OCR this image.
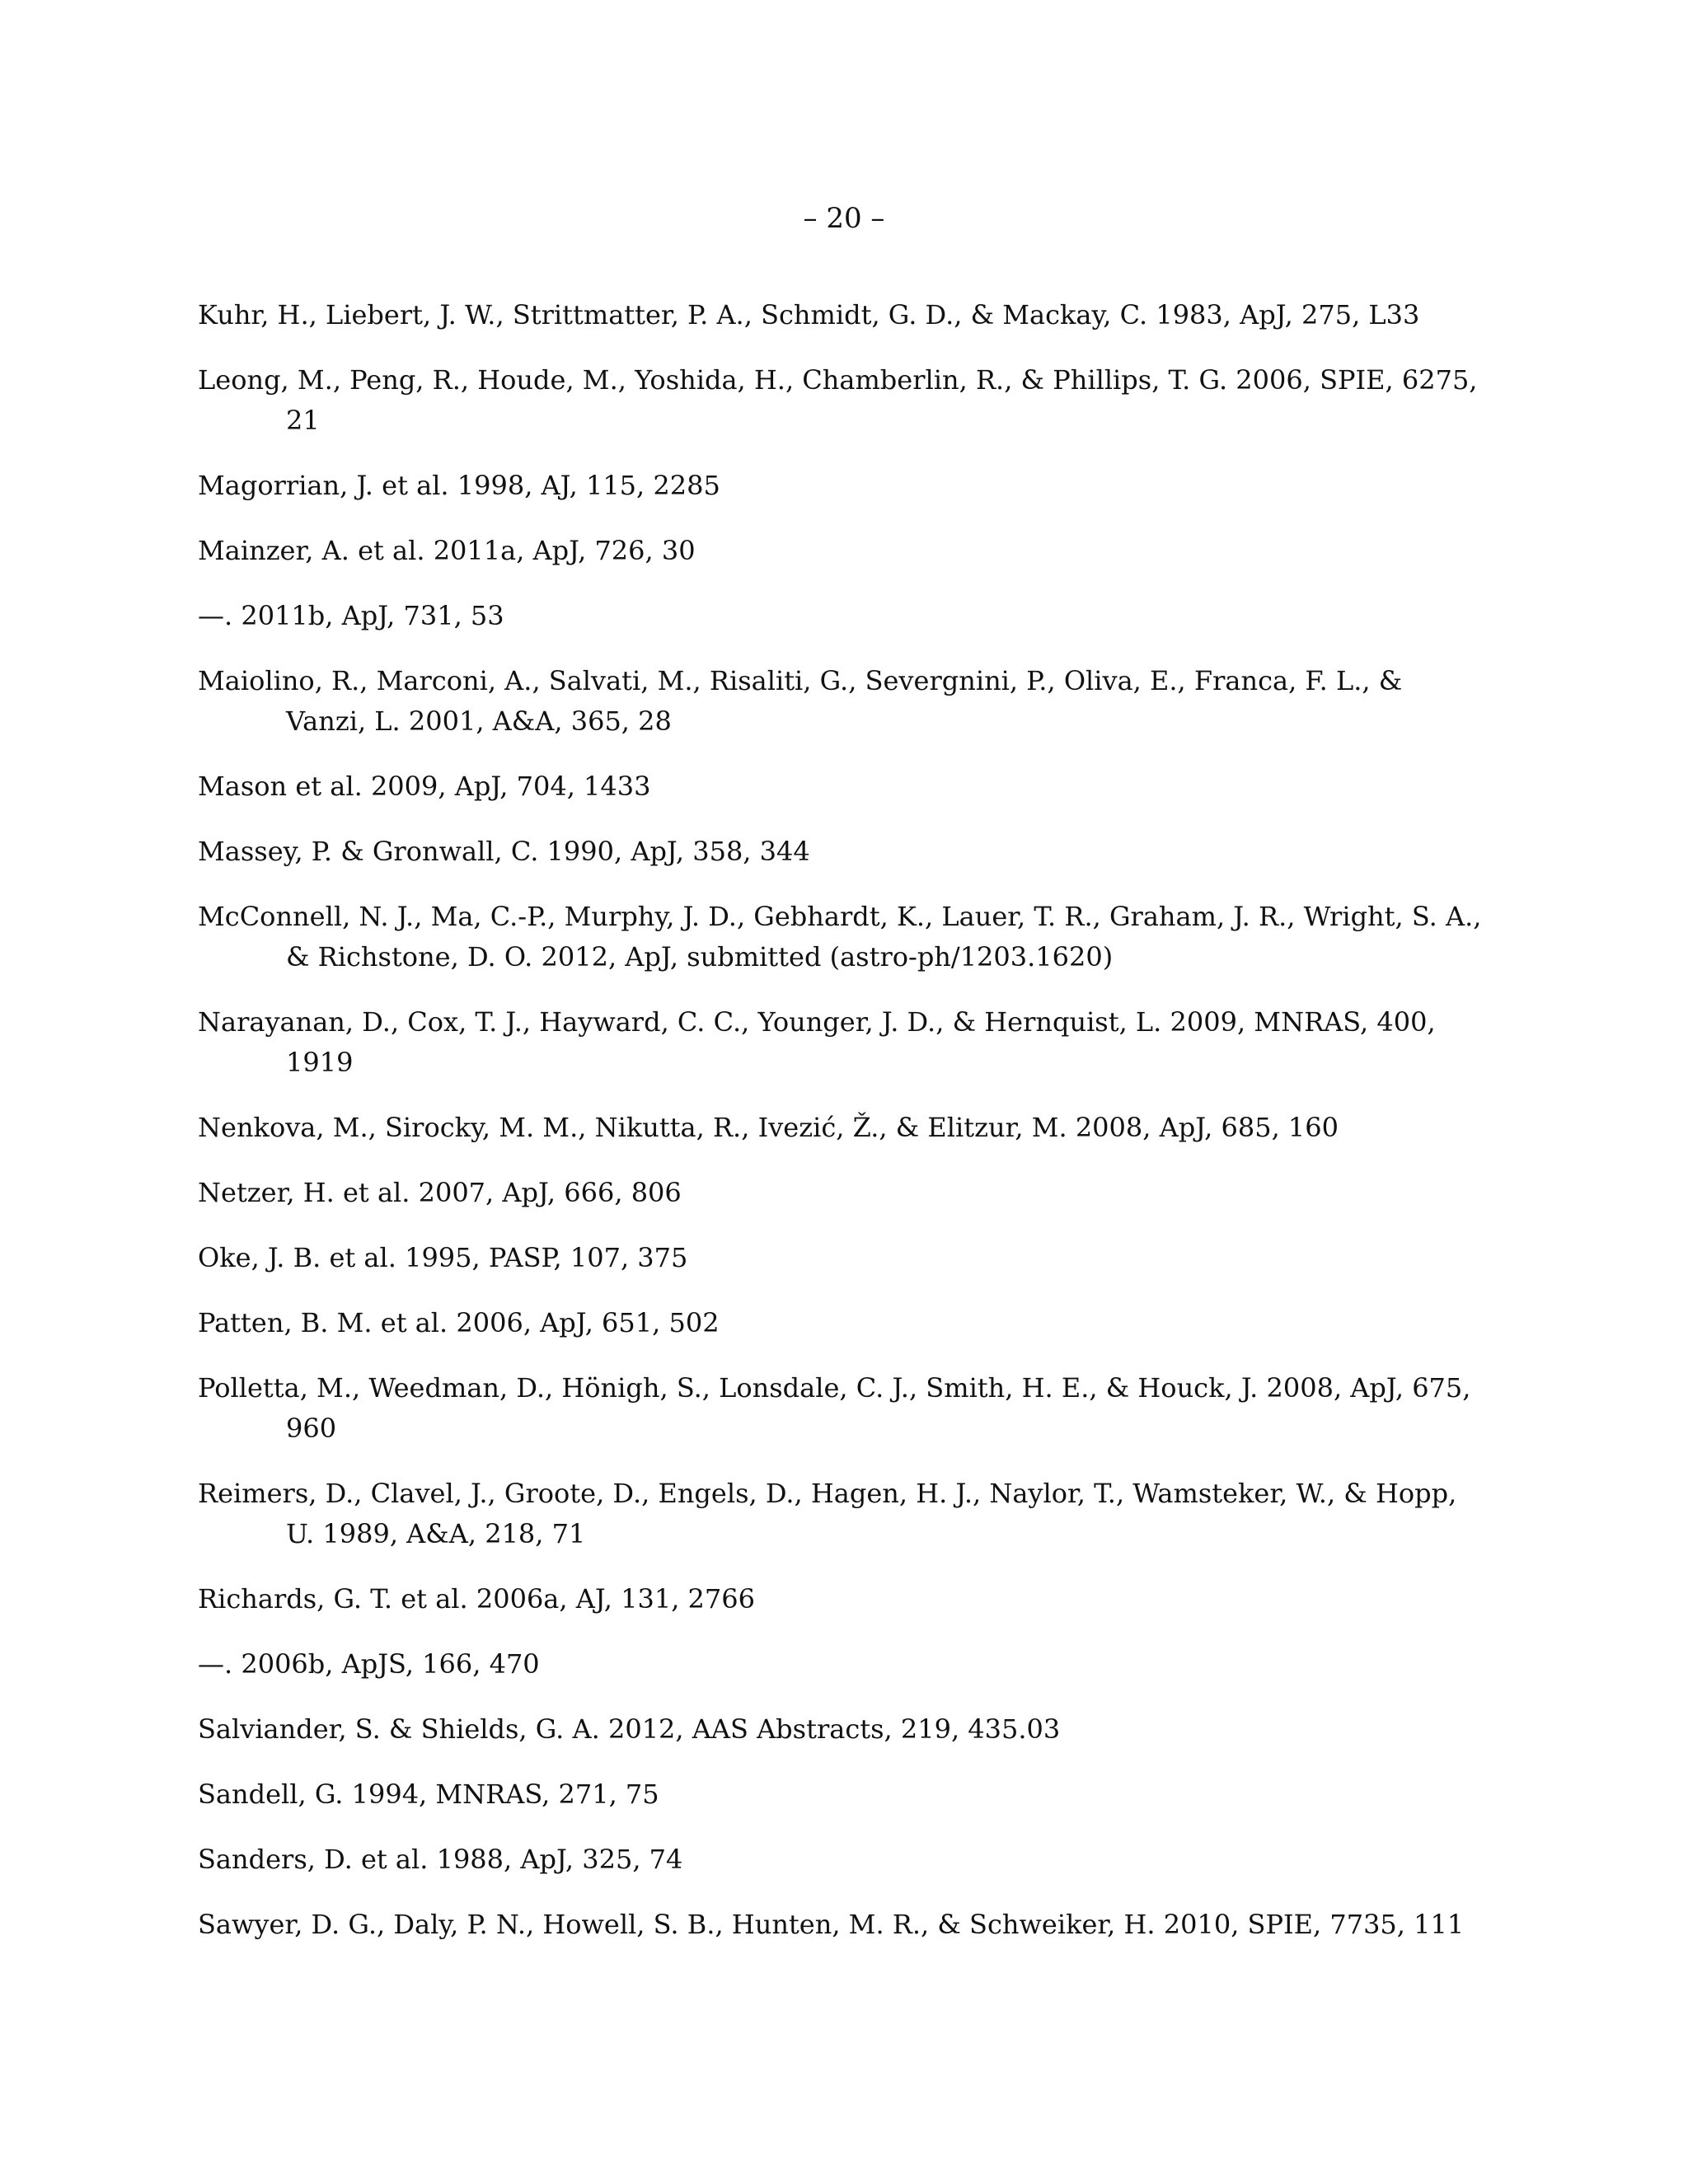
– 20 –
Kuhr, H., Liebert, J. W., Strittmatter, P. A., Schmidt, G. D., & Mackay, C. 1983, ApJ, 275, L33
Leong, M., Peng, R., Houde, M., Yoshida, H., Chamberlin, R., & Phillips, T. G. 2006, SPIE, 6275, 21
Magorrian, J. et al. 1998, AJ, 115, 2285
Mainzer, A. et al. 2011a, ApJ, 726, 30
—. 2011b, ApJ, 731, 53
Maiolino, R., Marconi, A., Salvati, M., Risaliti, G., Severgnini, P., Oliva, E., Franca, F. L., & Vanzi, L. 2001, A&A, 365, 28
Mason et al. 2009, ApJ, 704, 1433
Massey, P. & Gronwall, C. 1990, ApJ, 358, 344
McConnell, N. J., Ma, C.-P., Murphy, J. D., Gebhardt, K., Lauer, T. R., Graham, J. R., Wright, S. A., & Richstone, D. O. 2012, ApJ, submitted (astro-ph/1203.1620)
Narayanan, D., Cox, T. J., Hayward, C. C., Younger, J. D., & Hernquist, L. 2009, MNRAS, 400, 1919
Nenkova, M., Sirocky, M. M., Nikutta, R., Ivezić, Ž., & Elitzur, M. 2008, ApJ, 685, 160
Netzer, H. et al. 2007, ApJ, 666, 806
Oke, J. B. et al. 1995, PASP, 107, 375
Patten, B. M. et al. 2006, ApJ, 651, 502
Polletta, M., Weedman, D., Hönigh, S., Lonsdale, C. J., Smith, H. E., & Houck, J. 2008, ApJ, 675, 960
Reimers, D., Clavel, J., Groote, D., Engels, D., Hagen, H. J., Naylor, T., Wamsteker, W., & Hopp, U. 1989, A&A, 218, 71
Richards, G. T. et al. 2006a, AJ, 131, 2766
—. 2006b, ApJS, 166, 470
Salviander, S. & Shields, G. A. 2012, AAS Abstracts, 219, 435.03
Sandell, G. 1994, MNRAS, 271, 75
Sanders, D. et al. 1988, ApJ, 325, 74
Sawyer, D. G., Daly, P. N., Howell, S. B., Hunten, M. R., & Schweiker, H. 2010, SPIE, 7735, 111
